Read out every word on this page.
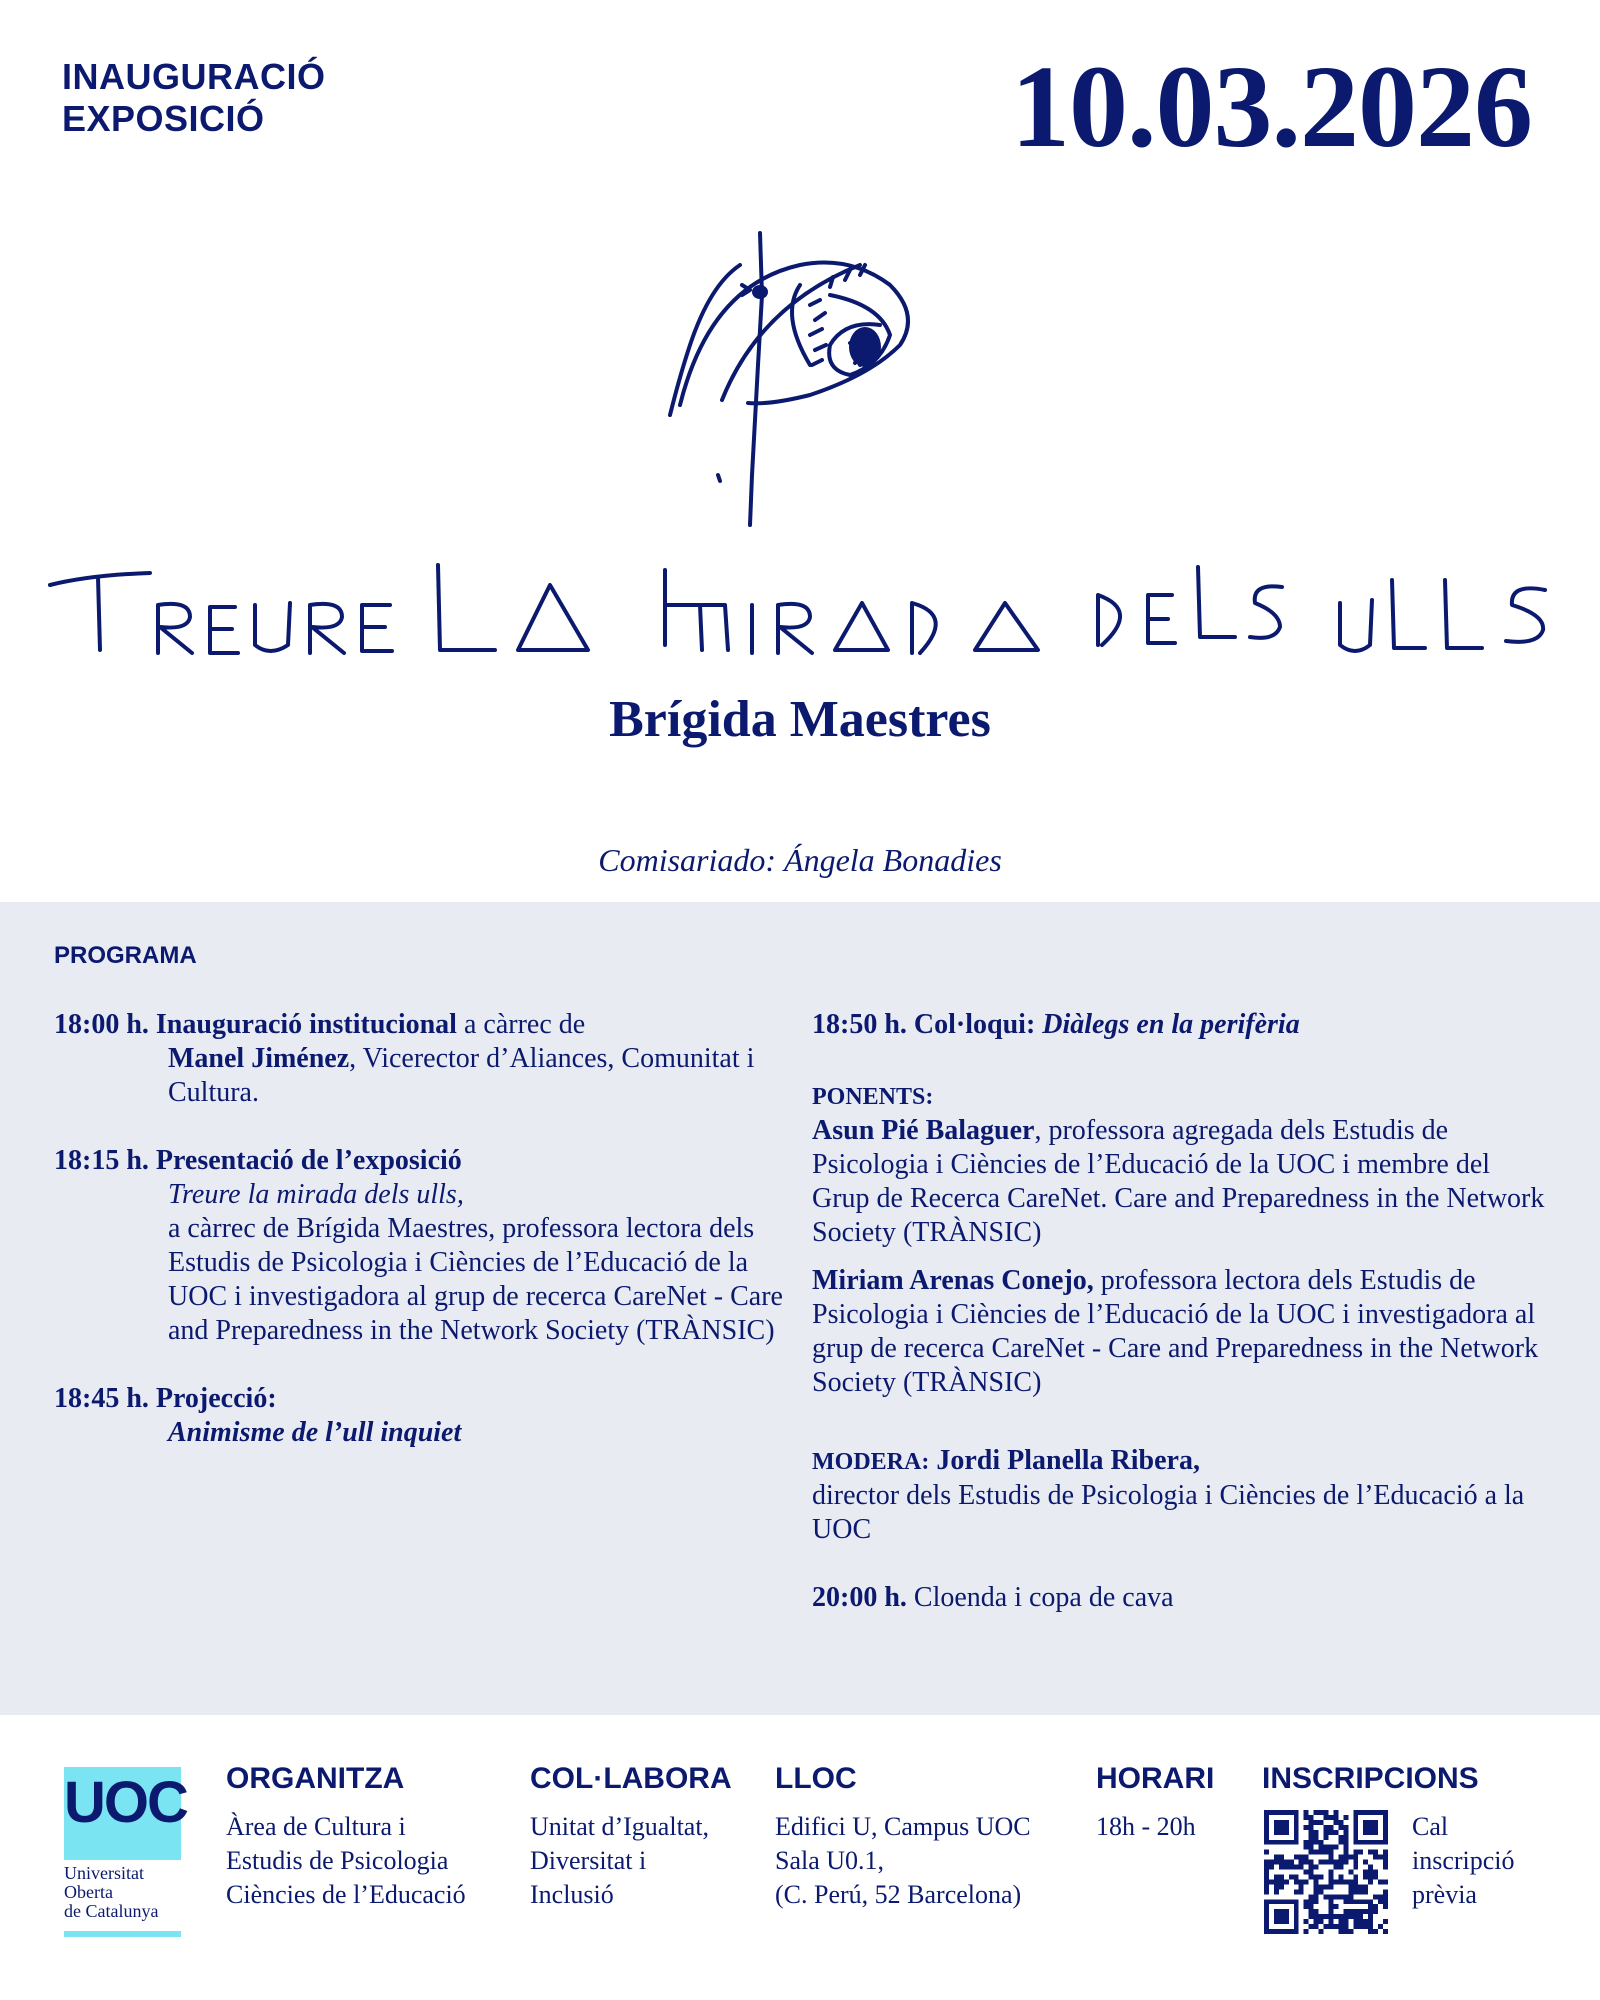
INAUGURACIÓ
EXPOSICIÓ	10.03.2026
TREURE LA MIRADA DELS ULLS
Brígida Maestres
Comisariado: Ángela Bonadies
PROGRAMA
18:00 h. Inauguració institucional a càrrec de
Manel Jiménez, Vicerector d’Aliances, Comunitat i Cultura.
18:15 h. Presentació de l’exposició
Treure la mirada dels ulls,
a càrrec de Brígida Maestres, professora lectora dels Estudis de Psicologia i Ciències de l’Educació de la UOC i investigadora al grup de recerca CareNet - Care and Preparedness in the Network Society (TRÀNSIC)
18:45 h. Projecció:
Animisme de l’ull inquiet
18:50 h. Col·loqui: Diàlegs en la perifèria
PONENTS:
Asun Pié Balaguer, professora agregada dels Estudis de Psicologia i Ciències de l’Educació de la UOC i membre del Grup de Recerca CareNet. Care and Preparedness in the Network Society (TRÀNSIC)
Miriam Arenas Conejo, professora lectora dels Estudis de Psicologia i Ciències de l’Educació de la UOC i investigadora al grup de recerca CareNet - Care and Preparedness in the Network Society (TRÀNSIC)
MODERA: Jordi Planella Ribera,
director dels Estudis de Psicologia i Ciències de l’Educació a la UOC
20:00 h. Cloenda i copa de cava
UOC
Universitat
Oberta
de Catalunya
ORGANITZA
Àrea de Cultura i
Estudis de Psicologia
Ciències de l’Educació
COL·LABORA
Unitat d’Igualtat,
Diversitat i
Inclusió
LLOC
Edifici U, Campus UOC
Sala U0.1,
(C. Perú, 52 Barcelona)
HORARI
18h - 20h
INSCRIPCIONS
Cal
inscripció
prèvia
